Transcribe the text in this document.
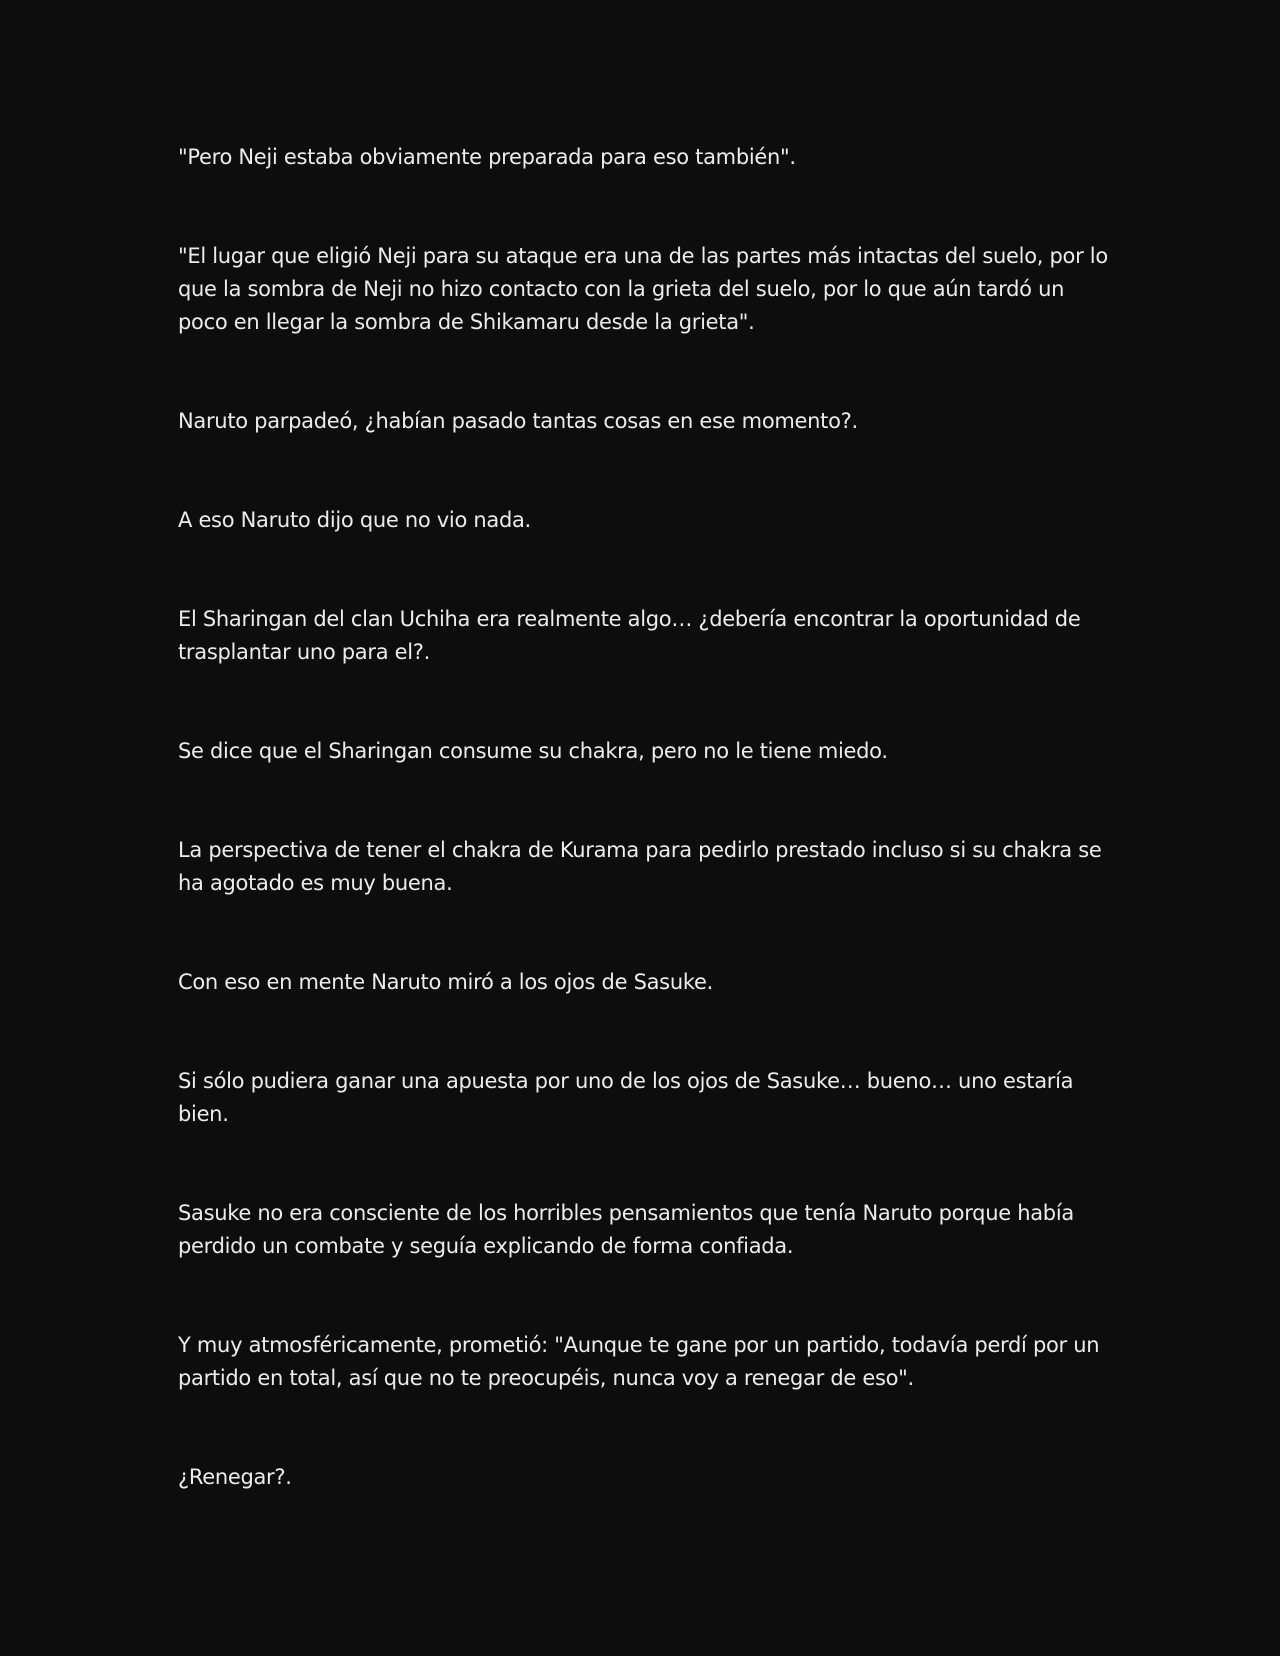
"Pero Neji estaba obviamente preparada para eso también".

"El lugar que eligió Neji para su ataque era una de las partes más intactas del suelo, por lo que la sombra de Neji no hizo contacto con la grieta del suelo, por lo que aún tardó un poco en llegar la sombra de Shikamaru desde la grieta".

Naruto parpadeó, ¿habían pasado tantas cosas en ese momento?.

A eso Naruto dijo que no vio nada.

El Sharingan del clan Uchiha era realmente algo… ¿debería encontrar la oportunidad de trasplantar uno para el?.

Se dice que el Sharingan consume su chakra, pero no le tiene miedo.

La perspectiva de tener el chakra de Kurama para pedirlo prestado incluso si su chakra se ha agotado es muy buena.

Con eso en mente Naruto miró a los ojos de Sasuke.

Si sólo pudiera ganar una apuesta por uno de los ojos de Sasuke… bueno… uno estaría bien.

Sasuke no era consciente de los horribles pensamientos que tenía Naruto porque había perdido un combate y seguía explicando de forma confiada.

Y muy atmosféricamente, prometió: "Aunque te gane por un partido, todavía perdí por un partido en total, así que no te preocupéis, nunca voy a renegar de eso".

¿Renegar?.
